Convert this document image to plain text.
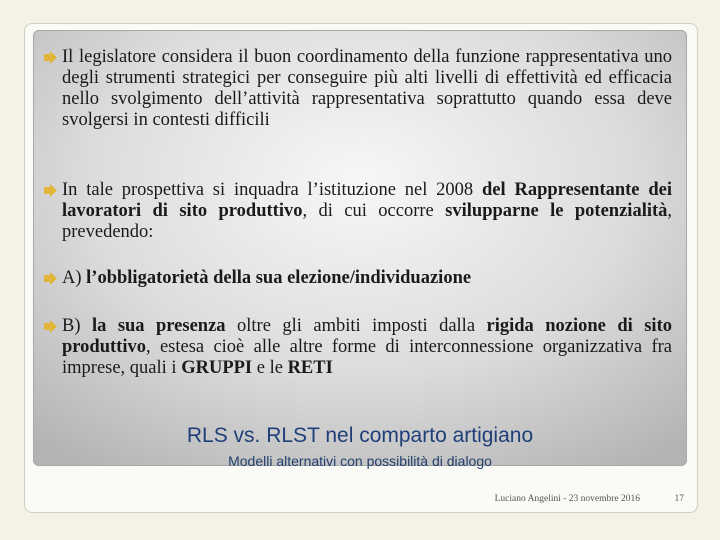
Il legislatore considera il buon coordinamento della funzione rappresentativa uno degli strumenti strategici per conseguire più alti livelli di effettività ed efficacia nello svolgimento dell’attività rappresentativa soprattutto quando essa deve svolgersi in contesti difficili
In tale prospettiva si inquadra l’istituzione nel 2008 del Rappresentante dei lavoratori di sito produttivo, di cui occorre svilupparne le potenzialità, prevedendo:
A) l’obbligatorietà della sua elezione/individuazione
B) la sua presenza oltre gli ambiti imposti dalla rigida nozione di sito produttivo, estesa cioè alle altre forme di interconnessione organizzativa fra imprese, quali i GRUPPI e le RETI
RLS vs. RLST nel comparto artigiano
Modelli alternativi con possibilità di dialogo
Luciano Angelini - 23 novembre 2016	17
